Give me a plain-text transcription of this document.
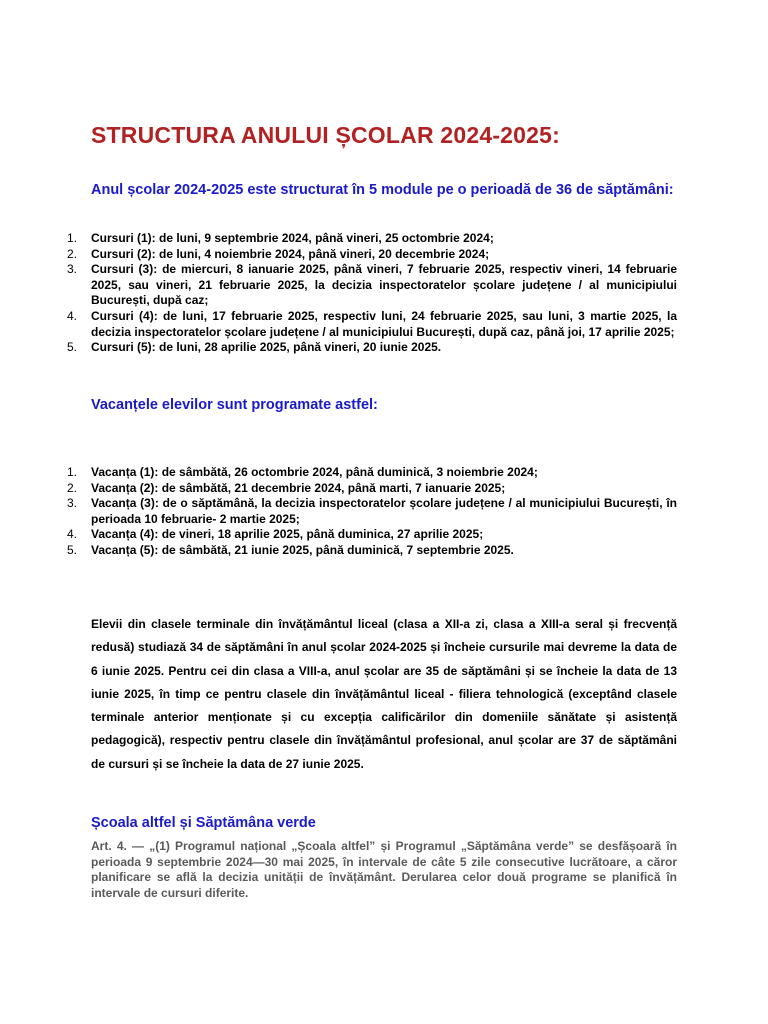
STRUCTURA ANULUI ȘCOLAR 2024-2025:
Anul școlar 2024-2025 este structurat în 5 module pe o perioadă de 36 de săptămâni:
1. Cursuri (1): de luni, 9 septembrie 2024, până vineri, 25 octombrie 2024;
2. Cursuri (2): de luni, 4 noiembrie 2024, până vineri, 20 decembrie 2024;
3. Cursuri (3): de miercuri, 8 ianuarie 2025, până vineri, 7 februarie 2025, respectiv vineri, 14 februarie 2025, sau vineri, 21 februarie 2025, la decizia inspectoratelor școlare județene / al municipiului București, după caz;
4. Cursuri (4): de luni, 17 februarie 2025, respectiv luni, 24 februarie 2025, sau luni, 3 martie 2025, la decizia inspectoratelor școlare județene / al municipiului București, după caz, până joi, 17 aprilie 2025;
5. Cursuri (5): de luni, 28 aprilie 2025, până vineri, 20 iunie 2025.
Vacanțele elevilor sunt programate astfel:
1. Vacanța (1): de sâmbătă, 26 octombrie 2024, până duminică, 3 noiembrie 2024;
2. Vacanța (2): de sâmbătă, 21 decembrie 2024, până marti, 7 ianuarie 2025;
3. Vacanța (3): de o săptămână, la decizia inspectoratelor școlare județene / al municipiului București, în perioada 10 februarie- 2 martie 2025;
4. Vacanța (4): de vineri, 18 aprilie 2025, până duminica, 27 aprilie 2025;
5. Vacanța (5): de sâmbătă, 21 iunie 2025, până duminică, 7 septembrie 2025.

Elevii din clasele terminale din învățământul liceal (clasa a XII-a zi, clasa a XIII-a seral și frecvență redusă) studiază 34 de săptămâni în anul școlar 2024-2025 și încheie cursurile mai devreme la data de 6 iunie 2025. Pentru cei din clasa a VIII-a, anul școlar are 35 de săptămâni și se încheie la data de 13 iunie 2025, în timp ce pentru clasele din învățământul liceal - filiera tehnologică (exceptând clasele terminale anterior menționate și cu excepția calificărilor din domeniile sănătate și asistență pedagogică), respectiv pentru clasele din învățământul profesional, anul școlar are 37 de săptămâni de cursuri și se încheie la data de 27 iunie 2025.

Școala altfel și Săptămâna verde

Art. 4. — „(1) Programul național „Școala altfel” și Programul „Săptămâna verde” se desfășoară în perioada 9 septembrie 2024—30 mai 2025, în intervale de câte 5 zile consecutive lucrătoare, a căror planificare se află la decizia unității de învățământ. Derularea celor două programe se planifică în intervale de cursuri diferite.
